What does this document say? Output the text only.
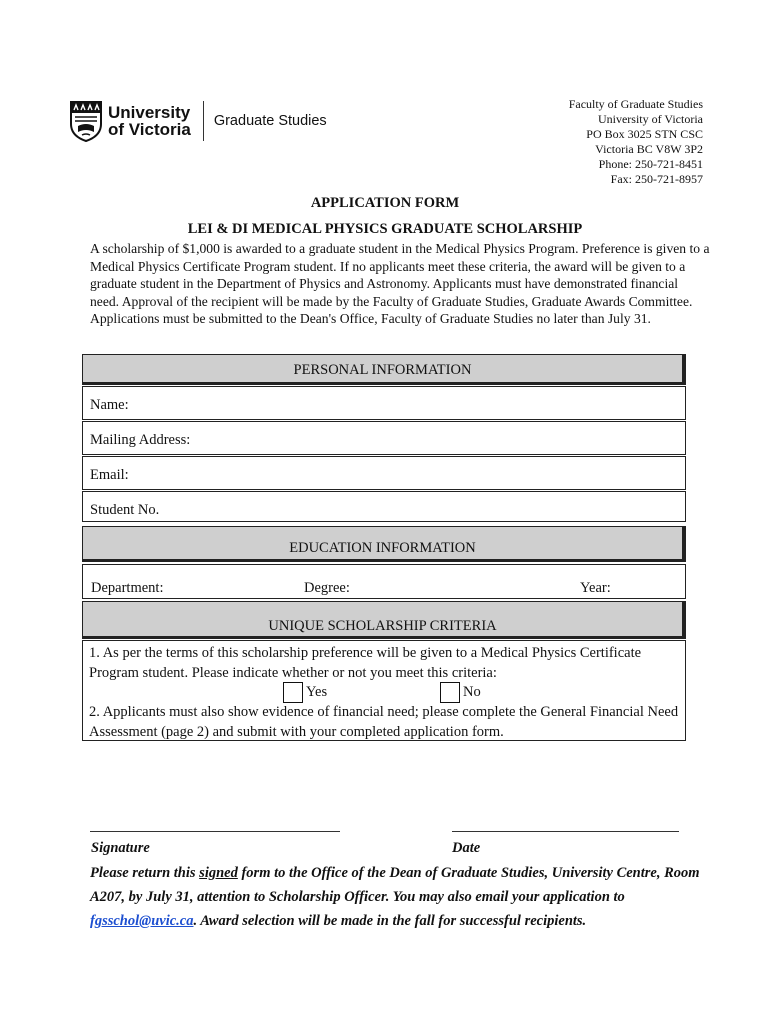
University
of Victoria Graduate Studies
Faculty of Graduate Studies
University of Victoria
PO Box 3025 STN CSC
Victoria BC V8W 3P2
Phone: 250-721-8451
Fax: 250-721-8957
APPLICATION FORM
LEI & DI MEDICAL PHYSICS GRADUATE SCHOLARSHIP
A scholarship of $1,000 is awarded to a graduate student in the Medical Physics Program. Preference is given to a Medical Physics Certificate Program student. If no applicants meet these criteria, the award will be given to a graduate student in the Department of Physics and Astronomy. Applicants must have demonstrated financial need. Approval of the recipient will be made by the Faculty of Graduate Studies, Graduate Awards Committee. Applications must be submitted to the Dean's Office, Faculty of Graduate Studies no later than July 31.
PERSONAL INFORMATION
Name:
Mailing Address:
Email:
Student No.
EDUCATION INFORMATION
Department:	Degree:	Year:
UNIQUE SCHOLARSHIP CRITERIA
1. As per the terms of this scholarship preference will be given to a Medical Physics Certificate Program student. Please indicate whether or not you meet this criteria:
Yes	No
2. Applicants must also show evidence of financial need; please complete the General Financial Need Assessment (page 2) and submit with your completed application form.
Signature	Date
Please return this signed form to the Office of the Dean of Graduate Studies, University Centre, Room A207, by July 31, attention to Scholarship Officer. You may also email your application to fgsschol@uvic.ca. Award selection will be made in the fall for successful recipients.
